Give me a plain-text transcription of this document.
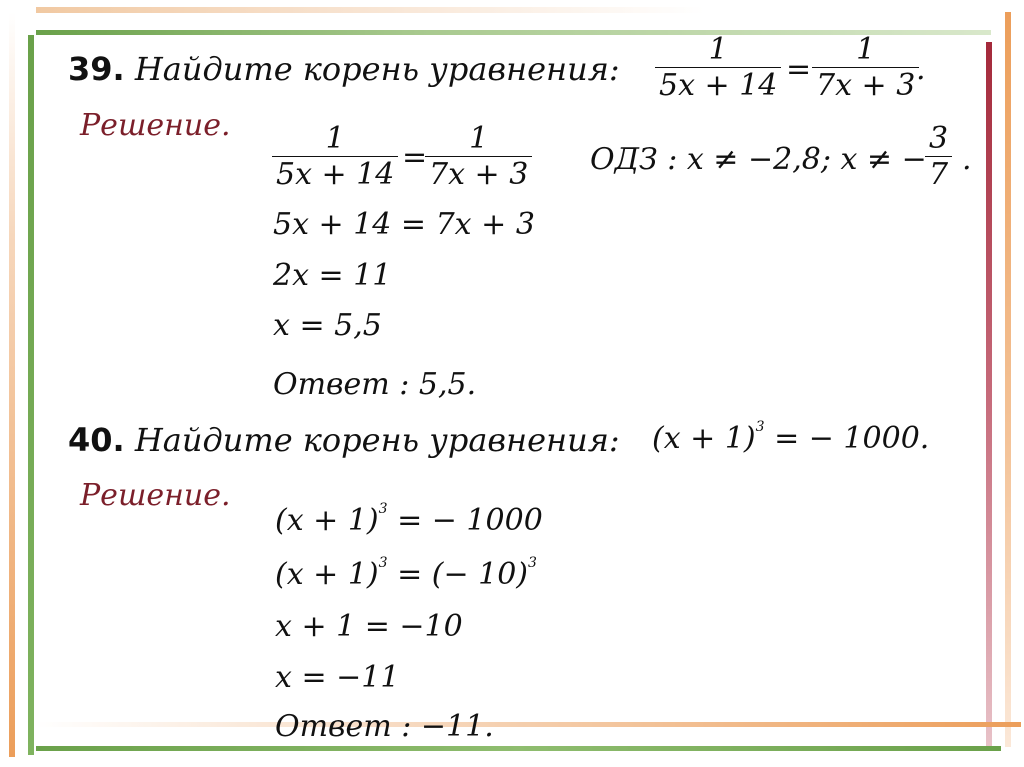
39. Найдите корень уравнения: $\frac{1}{5x + 14} = \frac{1}{7x + 3}$
.
Решение. $\frac{1}{5x + 14}$ =
$\frac{1}{7x + 3}$ ОДЗ : x ≠ −2,8; x ≠ −
$\frac{3}{7}$ .
5x + 14 = 7x + 3
2x = 11
x = 5,5
Ответ : 5,5.
40. Найдите корень уравнения: $(x + 1)^3$ = − 1000.
Решение.
$(x + 1)^3$ = − 1000
$(x + 1)^3$ = (− 10)$^3$
x + 1 = −10
x = −11
Ответ : −11.
